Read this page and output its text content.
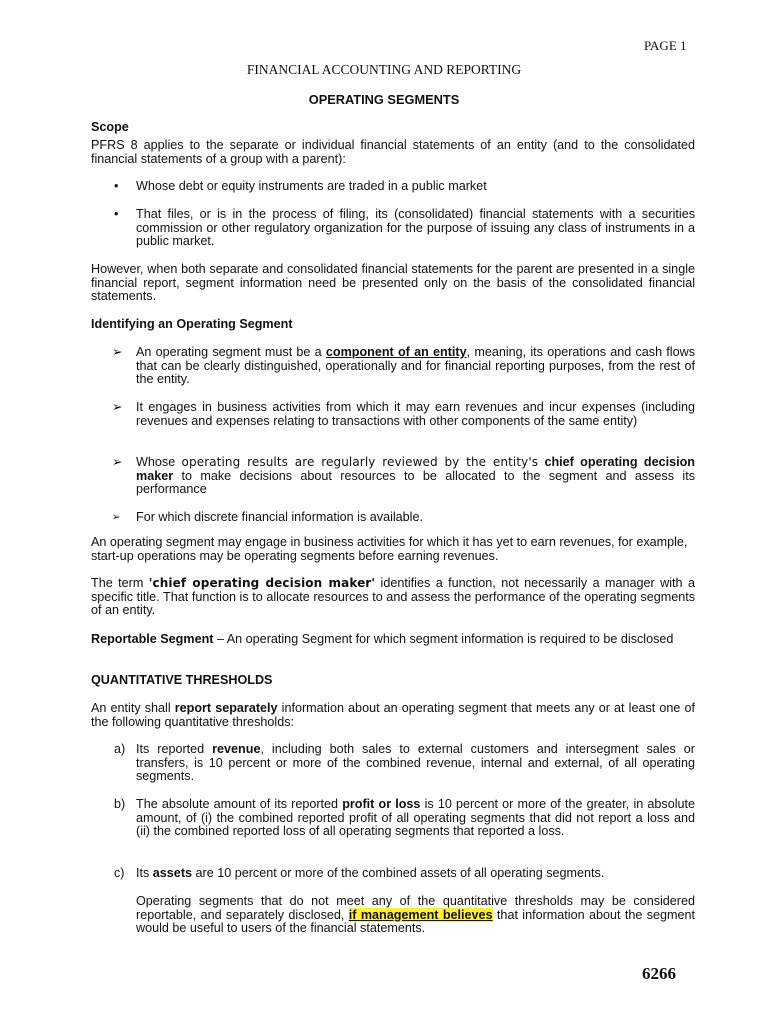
PAGE 1
FINANCIAL ACCOUNTING AND REPORTING
OPERATING SEGMENTS
Scope
PFRS 8 applies to the separate or individual financial statements of an entity (and to the consolidated financial statements of a group with a parent):
•	Whose debt or equity instruments are traded in a public market
•	That files, or is in the process of filing, its (consolidated) financial statements with a securities commission or other regulatory organization for the purpose of issuing any class of instruments in a public market.
However, when both separate and consolidated financial statements for the parent are presented in a single financial report, segment information need be presented only on the basis of the consolidated financial statements.
Identifying an Operating Segment
➢	An operating segment must be a component of an entity, meaning, its operations and cash flows that can be clearly distinguished, operationally and for financial reporting purposes, from the rest of the entity.
➢	It engages in business activities from which it may earn revenues and incur expenses (including revenues and expenses relating to transactions with other components of the same entity)
➢	Whose operating results are regularly reviewed by the entity's chief operating decision maker to make decisions about resources to be allocated to the segment and assess its performance
➢	For which discrete financial information is available.
An operating segment may engage in business activities for which it has yet to earn revenues, for example, start-up operations may be operating segments before earning revenues.
The term 'chief operating decision maker' identifies a function, not necessarily a manager with a specific title. That function is to allocate resources to and assess the performance of the operating segments of an entity.
Reportable Segment – An operating Segment for which segment information is required to be disclosed
QUANTITATIVE THRESHOLDS
An entity shall report separately information about an operating segment that meets any or at least one of the following quantitative thresholds:
a) Its reported revenue, including both sales to external customers and intersegment sales or transfers, is 10 percent or more of the combined revenue, internal and external, of all operating segments.
b) The absolute amount of its reported profit or loss is 10 percent or more of the greater, in absolute amount, of (i) the combined reported profit of all operating segments that did not report a loss and (ii) the combined reported loss of all operating segments that reported a loss.
c) Its assets are 10 percent or more of the combined assets of all operating segments.
Operating segments that do not meet any of the quantitative thresholds may be considered reportable, and separately disclosed, if management believes that information about the segment would be useful to users of the financial statements.
6266
